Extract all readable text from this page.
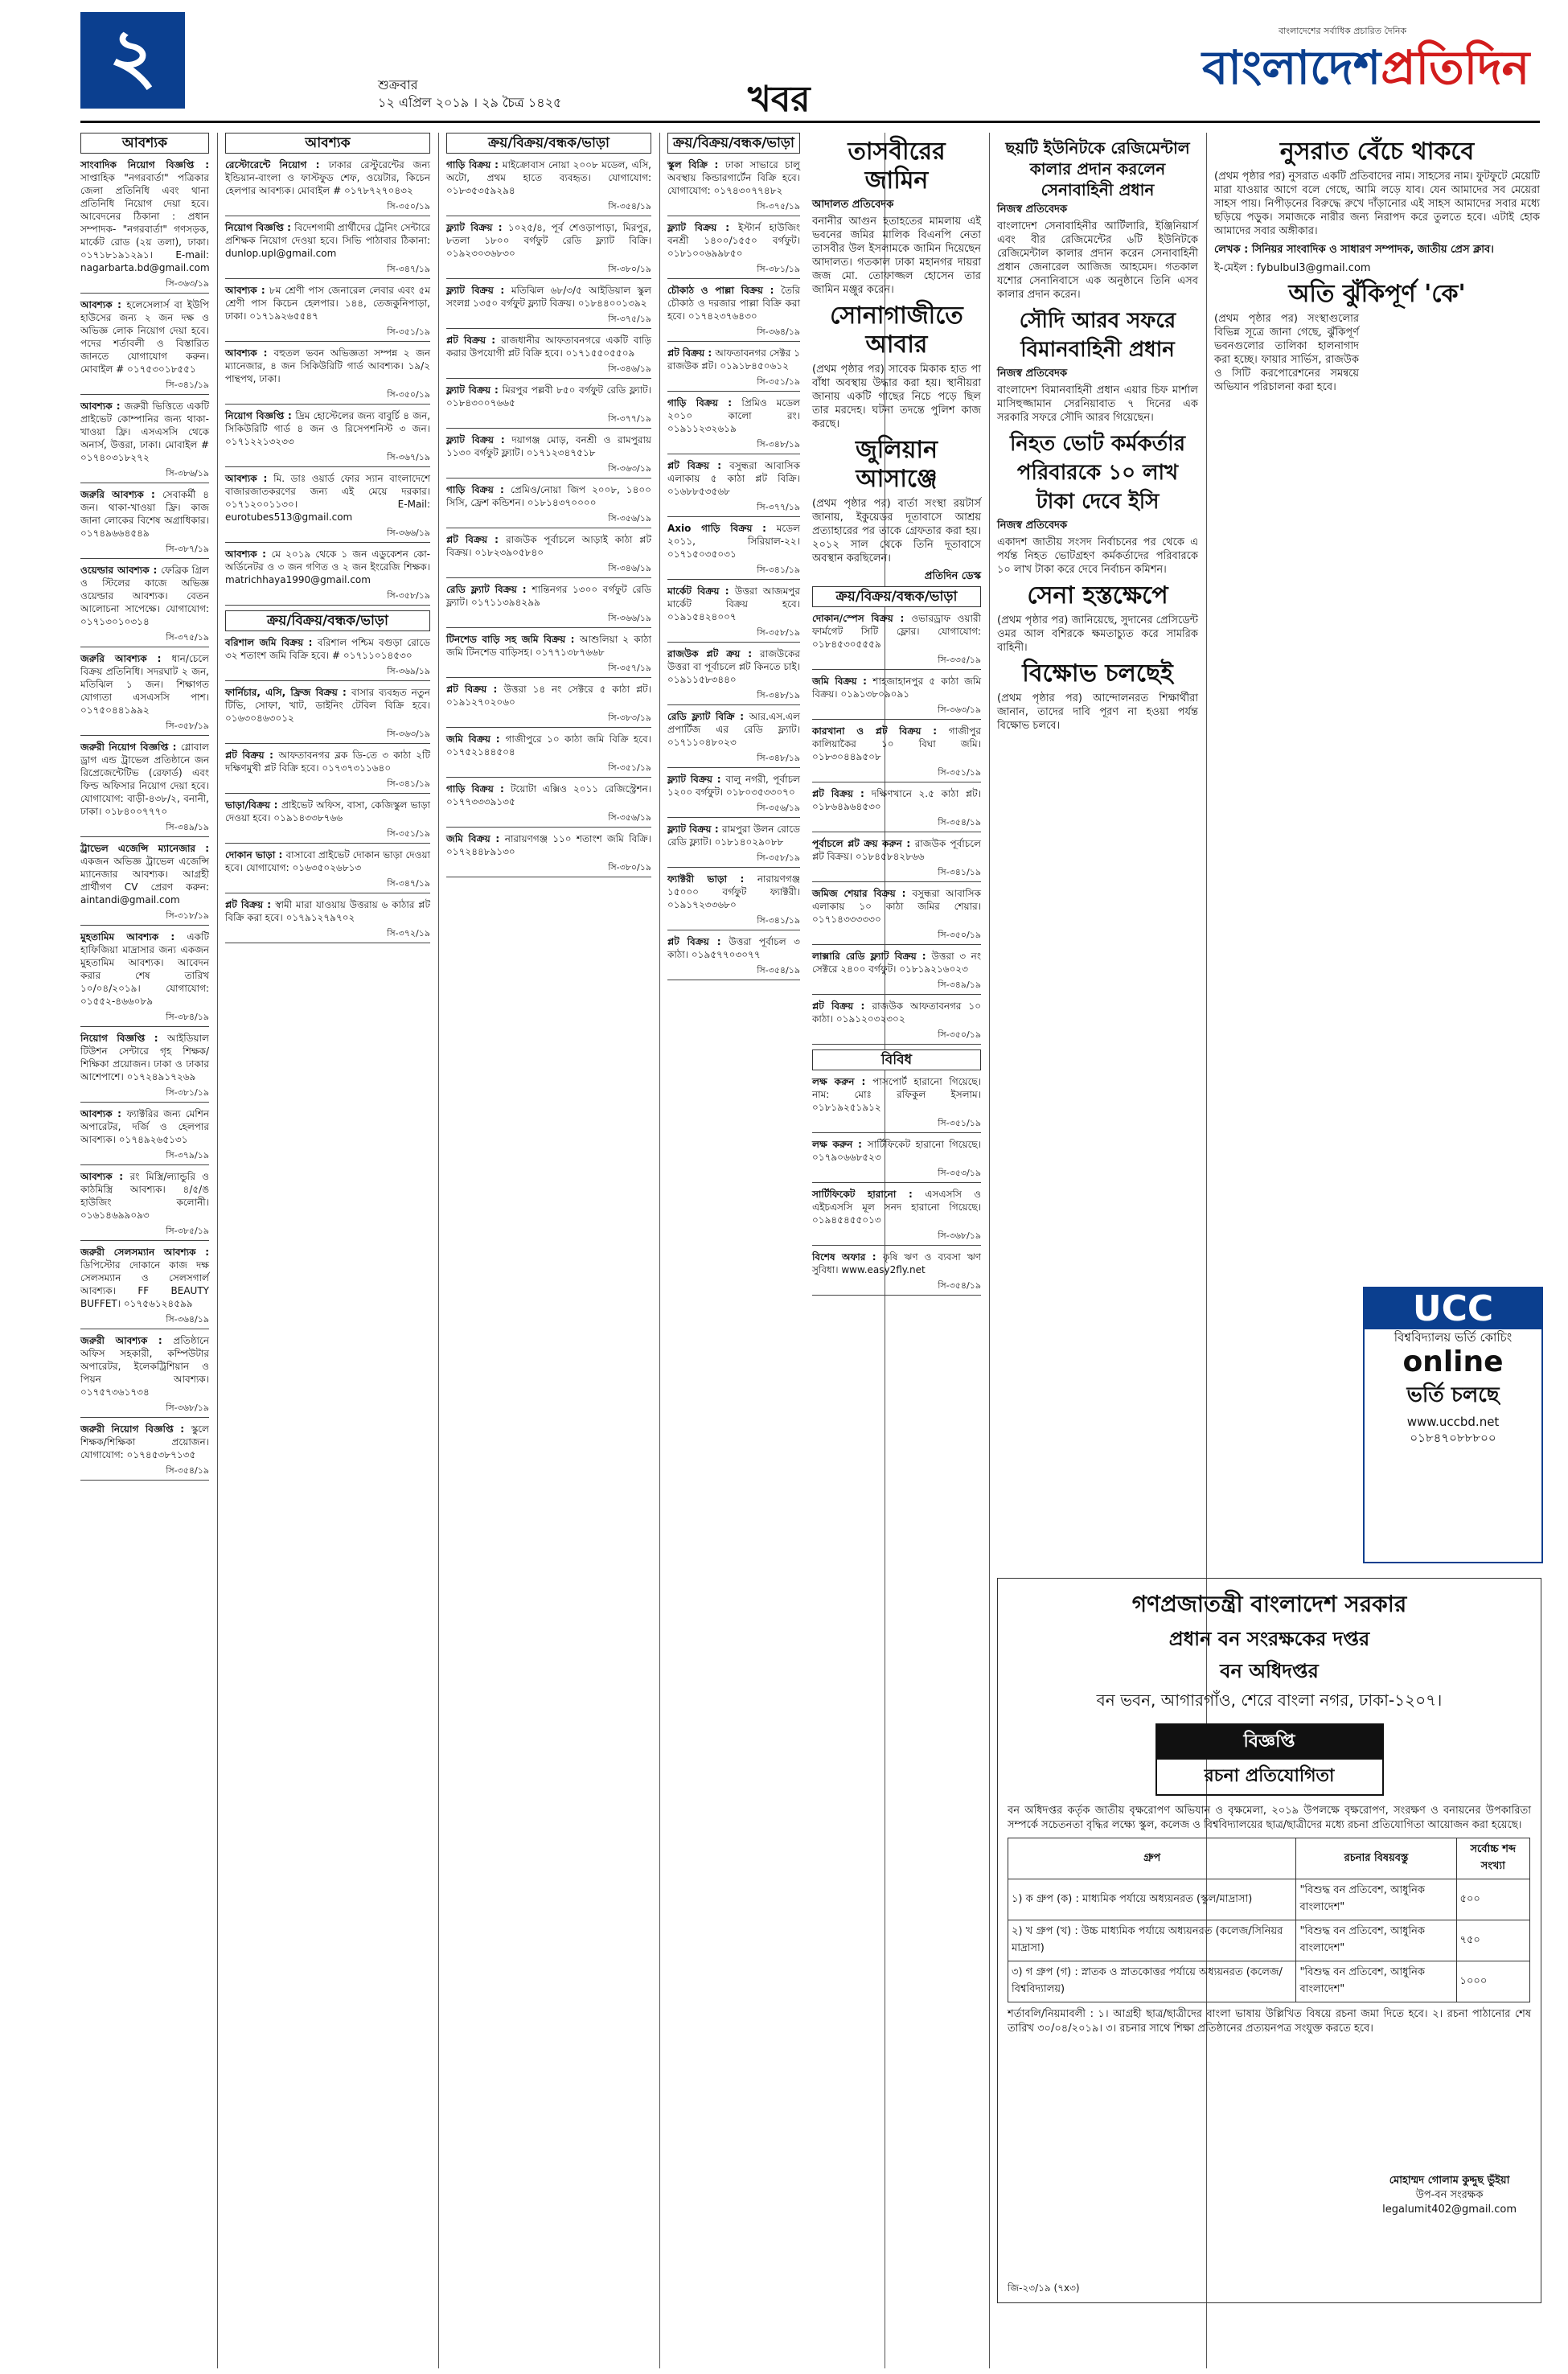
২	শুক্রবার
১২ এপ্রিল ২০১৯ । ২৯ চৈত্র ১৪২৫	খবর
বাংলাদেশের সর্বাধিক প্রচারিত দৈনিক
বাংলাদেশপ্রতিদিন
আবশ্যক
সাংবাদিক নিয়োগ বিজ্ঞপ্তি : সাপ্তাহিক "নগরবার্তা" পত্রিকার জেলা প্রতিনিধি এবং থানা প্রতিনিধি নিয়োগ দেয়া হবে। আবেদনের ঠিকানা : প্রধান সম্পাদক- "নগরবার্তা" গণসড়ক, মার্কেট রোড (২য় তলা), ঢাকা। ০১৭১৮১৯১২৯১। E-mail: nagarbarta.bd@gmail.com
সি-৩৬৩/১৯
আবশ্যক : হলেসেলার্স বা ইউপি হাউসের জন্য ২ জন দক্ষ ও অভিজ্ঞ লোক নিয়োগ দেয়া হবে। পদের শর্তাবলী ও বিস্তারিত জানতে যোগাযোগ করুন। মোবাইল # ০১৭৫৩০১৮৫৫১
সি-৩৪১/১৯
আবশ্যক : জরুরী ভিত্তিতে একটি প্রাইভেট কোম্পানির জন্য থাকা-খাওয়া ফ্রি। এসএসসি থেকে অনার্স, উত্তরা, ঢাকা। মোবাইল # ০১৭৪০৩১৮২৭২
সি-৩৮৬/১৯
জরুরি আবশ্যক : সেবাকর্মী ৪ জন। থাকা-খাওয়া ফ্রি। কাজ জানা লোকের বিশেষ অগ্রাধিকার। ০১৭৪৯৬৬৪৫৪৯
সি-৩৮৭/১৯
ওয়েল্ডার আবশ্যক : ফেব্রিক গ্রিল ও স্টিলের কাজে অভিজ্ঞ ওয়েল্ডার আবশ্যক। বেতন আলোচনা সাপেক্ষে। যোগাযোগ: ০১৭১৩০১০৩১৪
সি-৩৭৫/১৯
জরুরি আবশ্যক : ধান/চেলে বিক্রয় প্রতিনিধি। সদরঘাট ২ জন, মতিঝিল ১ জন। শিক্ষাগত যোগ্যতা এসএসসি পাশ। ০১৭৫০৪৪১৯৯২
সি-৩৫৮/১৯
জরুরী নিয়োগ বিজ্ঞপ্তি : গ্লোবাল ড্রাগ এন্ড ট্রাভেল প্রতিষ্ঠানে জন রিপ্রেজেন্টেটিভ (রেফার্ড) এবং ফিল্ড অফিসার নিয়োগ দেয়া হবে। যোগাযোগ: বাড়ী-৪৩৮/২, বনানী, ঢাকা। ০১৮৪০০৭৭৭০
সি-৩৪৯/১৯
ট্রাভেল এজেন্সি ম্যানেজার : একজন অভিজ্ঞ ট্রাভেল এজেন্সি ম্যানেজার আবশ্যক। আগ্রহী প্রার্থীগণ CV প্রেরণ করুন: aintandi@gmail.com
সি-৩১৮/১৯
মুহতামিম আবশ্যক : একটি হাফিজিয়া মাদ্রাসার জন্য একজন মুহতামিম আবশ্যক। আবেদন করার শেষ তারিখ ১০/০৪/২০১৯। যোগাযোগ: ০১৫৫২-৪৬৬০৮৯
সি-৩৮৪/১৯
নিয়োগ বিজ্ঞপ্তি : আইডিয়াল টিউশন সেন্টারে গৃহ শিক্ষক/শিক্ষিকা প্রয়োজন। ঢাকা ও ঢাকার আশেপাশে। ০১৭২৪৯১৭২৬৯
সি-৩৮১/১৯
আবশ্যক : ফ্যাক্টরির জন্য মেশিন অপারেটর, দর্জি ও হেলপার আবশ্যক। ০১৭৪৯২৬৫১৩১
সি-৩৭৯/১৯
আবশ্যক : রং মিস্ত্রি/ল্যান্ডুরি ও কাঠমিস্ত্রি আবশ্যক। ৪/৫/ঙ হাউজিং কলোনী। ০১৬১৪৬৯৯০৯৩
সি-৩৮৫/১৯
জরুরী সেলসম্যান আবশ্যক : ডিপিস্টোর দোকানে কাজ দক্ষ সেলসম্যান ও সেলসগার্ল আবশ্যক। FF BEAUTY BUFFET। ০১৭৫৬১২৪৫৯৯
সি-৩৬৪/১৯
জরুরী আবশ্যক : প্রতিষ্ঠানে অফিস সহকারী, কম্পিউটার অপারেটর, ইলেকট্রিশিয়ান ও পিয়ন আবশ্যক। ০১৭৫৭৩৬১৭৩৪
সি-৩৬৮/১৯
জরুরী নিয়োগ বিজ্ঞপ্তি : স্কুলে শিক্ষক/শিক্ষিকা প্রয়োজন। যোগাযোগ: ০১৭৪৫৩৮৭১৩৫
সি-৩৫৪/১৯
আবশ্যক
রেস্টোরেন্টে নিয়োগ : ঢাকার রেস্টুরেন্টের জন্য ইন্ডিয়ান-বাংলা ও ফাস্টফুড শেফ, ওয়েটার, কিচেন হেলপার আবশ্যক। মোবাইল # ০১৭৮৭২৭০৪৩২
সি-৩৫০/১৯
নিয়োগ বিজ্ঞপ্তি : বিদেশগামী প্রার্থীদের ট্রেনিং সেন্টারে প্রশিক্ষক নিয়োগ দেওয়া হবে। সিভি পাঠাবার ঠিকানা: dunlop.upl@gmail.com
সি-৩৪৭/১৯
আবশ্যক : ৮ম শ্রেণী পাস জেনারেল লেবার এবং ৫ম শ্রেণী পাস কিচেন হেলপার। ১৪৪, তেজকুনিপাড়া, ঢাকা। ০১৭১৯২৬৫৫৪৭
সি-৩৫১/১৯
আবশ্যক : বহুতল ভবন অভিজ্ঞতা সম্পন্ন ২ জন ম্যানেজার, ৪ জন সিকিউরিটি গার্ড আবশ্যক। ১৯/২ পান্থপথ, ঢাকা।
সি-৩৫০/১৯
নিয়োগ বিজ্ঞপ্তি : দ্রিম হোস্টেলের জন্য বাবুর্চি ৪ জন, সিকিউরিটি গার্ড ৪ জন ও রিসেপশনিস্ট ৩ জন। ০১৭১২২১৩২৩৩
সি-৩৬৭/১৯
আবশ্যক : মি. ডাঃ ওয়ার্ড ফোর স্যান বাংলাদেশে বাজারজাতকরণের জন্য এই মেয়ে দরকার। ০১৭১২০০১১৩০। E-Mail: eurotubes513@gmail.com
সি-৩৬৬/১৯
আবশ্যক : মে ২০১৯ থেকে ১ জন এডুকেশন কো-অর্ডিনেটর ও ৩ জন গণিত ও ২ জন ইংরেজি শিক্ষক। matrichhaya1990@gmail.com
সি-৩৫৮/১৯
ক্রয়/বিক্রয়/বন্ধক/ভাড়া
বরিশাল জমি বিক্রয় : বরিশাল পশ্চিম বগুড়া রোডে ৩২ শতাংশ জমি বিক্রি হবে। # ০১৭১১০১৪৫৩০
সি-৩৬৯/১৯
ফার্নিচার, এসি, ফ্রিজ বিক্রয় : বাসার ব্যবহৃত নতুন টিভি, সোফা, খাট, ডাইনিং টেবিল বিক্রি হবে। ০১৬৩০৪৬৩০১২
সি-৩৬৩/১৯
প্লট বিক্রয় : আফতাবনগর ব্লক ডি-তে ৩ কাঠা ২টি দক্ষিণমুখী প্লট বিক্রি হবে। ০১৭৩৭৩১১৬৪০
সি-৩৪১/১৯
ভাড়া/বিক্রয় : প্রাইভেট অফিস, বাসা, কেজিস্কুল ভাড়া দেওয়া হবে। ০১৯১৪৩৩৮৭৬৬
সি-৩৫১/১৯
দোকান ভাড়া : বাসাবো প্রাইভেট দোকান ভাড়া দেওয়া হবে। যোগাযোগ: ০১৬৩৫০২৬৮১৩
সি-৩৪৭/১৯
প্লট বিক্রয় : স্বামী মারা যাওয়ায় উত্তরায় ৬ কাঠার প্লট বিক্রি করা হবে। ০১৭৯১২৭৯৭০২
সি-৩৭২/১৯
ক্রয়/বিক্রয়/বন্ধক/ভাড়া
গাড়ি বিক্রয় : মাইক্রোবাস নোয়া ২০০৮ মডেল, এসি, অটো, প্রথম হাতে ব্যবহৃত। যোগাযোগ: ০১৮৩৫৩৫৯২৯৪
সি-৩৫৪/১৯
ফ্ল্যাট বিক্রয় : ১০২৫/৪, পূর্ব শেওড়াপাড়া, মিরপুর, ৮তলা ১৮০০ বর্গফুট রেডি ফ্ল্যাট বিক্রি। ০১৯২৩০৩৬৮৩০
সি-৩৮০/১৯
ফ্ল্যাট বিক্রয় : মতিঝিল ৬৮/৩/৫ আইডিয়াল স্কুল সংলগ্ন ১৩৫০ বর্গফুট ফ্ল্যাট বিক্রয়। ০১৮৪৪০০১৩৯২
সি-৩৭৫/১৯
প্লট বিক্রয় : রাজধানীর আফতাবনগরে একটি বাড়ি করার উপযোগী প্লট বিক্রি হবে। ০১৭১৫৫০৫৫০৯
সি-৩৪৬/১৯
ফ্ল্যাট বিক্রয় : মিরপুর পল্লবী ৮৫০ বর্গফুট রেডি ফ্ল্যাট। ০১৮৪৩০০৭৬৬৫
সি-৩৭৭/১৯
ফ্ল্যাট বিক্রয় : দয়াগঞ্জ মোড়, বনশ্রী ও রামপুরায় ১১৩০ বর্গফুট ফ্ল্যাট। ০১৭১২৩৪৭৫১৮
সি-৩৬৩/১৯
গাড়ি বিক্রয় : প্রেমিও/নোয়া জিপ ২০০৮, ১৪০০ সিসি, ফ্রেশ কন্ডিশন। ০১৮১৪৩৭০০০০
সি-৩৫৬/১৯
প্লট বিক্রয় : রাজউক পূর্বাচলে আড়াই কাঠা প্লট বিক্রয়। ০১৮২৩৯০৫৮৪০
সি-৩৪৬/১৯
রেডি ফ্ল্যাট বিক্রয় : শান্তিনগর ১৩০০ বর্গফুট রেডি ফ্ল্যাট। ০১৭১১৩৯৪২৯৯
সি-৩৬৬/১৯
টিনশেড বাড়ি সহ জমি বিক্রয় : আশুলিয়া ২ কাঠা জমি টিনশেড বাড়িসহ। ০১৭৭১৩৮৭৬৬৮
সি-৩৫৭/১৯
প্লট বিক্রয় : উত্তরা ১৪ নং সেক্টরে ৫ কাঠা প্লট। ০১৯১২৭০২০৬০
সি-৩৮৩/১৯
জমি বিক্রয় : গাজীপুরে ১০ কাঠা জমি বিক্রি হবে। ০১৭৫২১৪৪৫০৪
সি-৩৫১/১৯
গাড়ি বিক্রয় : টয়োটা এক্সিও ২০১১ রেজিস্ট্রেশন। ০১৭৭৩৩৩৯১৩৫
সি-৩৫৬/১৯
জমি বিক্রয় : নারায়ণগঞ্জ ১১০ শতাংশ জমি বিক্রি। ০১৭২৪৪৮৯১৩০
সি-৩৮০/১৯
ক্রয়/বিক্রয়/বন্ধক/ভাড়া
স্কুল বিক্রি : ঢাকা সাভারে চালু অবস্থায় কিন্ডারগার্টেন বিক্রি হবে। যোগাযোগ: ০১৭৪৩০৭৭৪৮২
সি-৩৭৫/১৯
ফ্ল্যাট বিক্রয় : ইস্টার্ন হাউজিং বনশ্রী ১৪০০/১৫৫০ বর্গফুট। ০১৮১০০৬৯৯৮৫০
সি-৩৮১/১৯
চৌকাঠ ও পাল্লা বিক্রয় : তৈরি চৌকাঠ ও দরজার পাল্লা বিক্রি করা হবে। ০১৭৪২৩৭৬৪৩০
সি-৩৬৪/১৯
প্লট বিক্রয় : আফতাবনগর সেক্টর ১ রাজউক প্লট। ০১৯১৮৪৫০৬১২
সি-৩৫১/১৯
গাড়ি বিক্রয় : প্রিমিও মডেল ২০১০ কালো রং। ০১৯১১২৩২৬১৯
সি-৩৪৮/১৯
প্লট বিক্রয় : বসুন্ধরা আবাসিক এলাকায় ৫ কাঠা প্লট বিক্রি। ০১৬৮৮৫৩৫৬৮
সি-৩৭৭/১৯
Axio গাড়ি বিক্রয় : মডেল ২০১১, সিরিয়াল-২২। ০১৭১৫০৩৫০৩১
সি-৩৪১/১৯
মার্কেট বিক্রয় : উত্তরা আজমপুর মার্কেট বিক্রয় হবে। ০১৯১৫৪২৪০০৭
সি-৩৫৮/১৯
রাজউক প্লট ক্রয় : রাজউকের উত্তরা বা পূর্বাচলে প্লট কিনতে চাই। ০১৯১১৫৮৩৪৪০
সি-৩৪৮/১৯
রেডি ফ্ল্যাট বিক্রি : আর.এস.এল প্রপার্টিজ এর রেডি ফ্ল্যাট। ০১৭১১০৪৮০২৩
সি-৩৪৮/১৯
ফ্ল্যাট বিক্রয় : বালু নগরী, পূর্বাচল ১২০০ বর্গফুট। ০১৮০৩৫৩৩০৭০
সি-৩৫৬/১৯
ফ্ল্যাট বিক্রয় : রামপুরা উলন রোডে রেডি ফ্ল্যাট। ০১৮১৪০২৯০৮৮
সি-৩৫৮/১৯
ফ্যাক্টরী ভাড়া : নারায়ণগঞ্জ ১৫০০০ বর্গফুট ফ্যাক্টরী। ০১৯১৭২৩৩৬৮০
সি-৩৪১/১৯
প্লট বিক্রয় : উত্তরা পূর্বাচল ৩ কাঠা। ০১৯৫৭৭০৩০৭৭
সি-৩৫৪/১৯
তাসবীরের জামিন
আদালত প্রতিবেদক

বনানীর আগুন হতাহতের মামলায় এই ভবনের জমির মালিক বিএনপি নেতা তাসবীর উল ইসলামকে জামিন দিয়েছেন আদালত। গতকাল ঢাকা মহানগর দায়রা জজ মো. তোফাজ্জল হোসেন তার জামিন মঞ্জুর করেন।

সোনাগাজীতে আবার

(প্রথম পৃষ্ঠার পর) সাবেক মিকাক হাত পা বাঁধা অবস্থায় উদ্ধার করা হয়। স্থানীয়রা জানায় একটি গাছের নিচে পড়ে ছিল তার মরদেহ। ঘটনা তদন্তে পুলিশ কাজ করছে।

জুলিয়ান আসাঞ্জে

(প্রথম পৃষ্ঠার পর) বার্তা সংস্থা রয়টার্স জানায়, ইকুয়েডর দূতাবাসে আশ্রয় প্রত্যাহারের পর তাকে গ্রেফতার করা হয়। ২০১২ সাল থেকে তিনি দূতাবাসে অবস্থান করছিলেন।

প্রতিদিন ডেস্ক
ক্রয়/বিক্রয়/বন্ধক/ভাড়া
দোকান/স্পেস বিক্রয় : ওভারড্রাফ ওয়ারী ফার্মগেট সিটি ফ্লোর। যোগাযোগ: ০১৮৪৫৩০৫৫৫৯
সি-৩৩৫/১৯
জমি বিক্রয় : শাহজাহানপুর ৫ কাঠা জমি বিক্রয়। ০১৯১৩৮০৯০৯১
সি-৩৬৩/১৯
কারখানা ও প্লট বিক্রয় : গাজীপুর কালিয়াকৈর ১০ বিঘা জমি। ০১৮৩০৪৪৯৫০৮
সি-৩৫১/১৯
প্লট বিক্রয় : দক্ষিণখানে ২.৫ কাঠা প্লট। ০১৮৬৪৯৬৪৫৩০
সি-৩৫৪/১৯
পূর্বাচলে প্লট ক্রয় করুন : রাজউক পূর্বাচলে প্লট বিক্রয়। ০১৮৪৫৮৪২৮৬৬
সি-৩৪১/১৯
জমিজ শেয়ার বিক্রয় : বসুন্ধরা আবাসিক এলাকায় ১০ কাঠা জমির শেয়ার। ০১৭১৪৩৩৩৩৩০
সি-৩৫০/১৯
লাক্সারি রেডি ফ্ল্যাট বিক্রয় : উত্তরা ৩ নং সেক্টরে ২৪০০ বর্গফুট। ০১৮১৯২১৬০২৩
সি-৩৪৯/১৯
প্লট বিক্রয় : রাজউক আফতাবনগর ১০ কাঠা। ০১৯১২০৩২৩০২
সি-৩৫০/১৯
বিবিধ
লক্ষ করুন : পাসপোর্ট হারানো গিয়েছে। নাম: মোঃ রফিকুল ইসলাম। ০১৮১৯২৫১৯১২
সি-৩৫১/১৯
লক্ষ করুন : সার্টিফিকেট হারানো গিয়েছে। ০১৭৯০৬৬৮৫২৩
সি-৩৫৩/১৯
সার্টিফিকেট হারানো : এসএসসি ও এইচএসসি মূল সনদ হারানো গিয়েছে। ০১৯৪৫৪৫৫০১৩
সি-৩৬৮/১৯
বিশেষ অফার : কৃষি ঋণ ও ব্যবসা ঋণ সুবিধা। www.easy2fly.net
সি-৩৫৪/১৯
ছয়টি ইউনিটকে রেজিমেন্টাল কালার প্রদান করলেন সেনাবাহিনী প্রধান
নিজস্ব প্রতিবেদক

বাংলাদেশ সেনাবাহিনীর আর্টিলারি, ইঞ্জিনিয়ার্স এবং বীর রেজিমেন্টের ৬টি ইউনিটকে রেজিমেন্টাল কালার প্রদান করেন সেনাবাহিনী প্রধান জেনারেল আজিজ আহমেদ। গতকাল যশোর সেনানিবাসে এক অনুষ্ঠানে তিনি এসব কালার প্রদান করেন।

সৌদি আরব সফরে বিমানবাহিনী প্রধান
নিজস্ব প্রতিবেদক

বাংলাদেশ বিমানবাহিনী প্রধান এয়ার চিফ মার্শাল মাসিহুজ্জামান সেরনিয়াবাত ৭ দিনের এক সরকারি সফরে সৌদি আরব গিয়েছেন।

নিহত ভোট কর্মকর্তার পরিবারকে ১০ লাখ টাকা দেবে ইসি
নিজস্ব প্রতিবেদক

একাদশ জাতীয় সংসদ নির্বাচনের পর থেকে এ পর্যন্ত নিহত ভোটগ্রহণ কর্মকর্তাদের পরিবারকে ১০ লাখ টাকা করে দেবে নির্বাচন কমিশন।

সেনা হস্তক্ষেপে

(প্রথম পৃষ্ঠার পর) জানিয়েছে, সুদানের প্রেসিডেন্ট ওমর আল বশিরকে ক্ষমতাচ্যুত করে সামরিক বাহিনী।

বিক্ষোভ চলছেই

(প্রথম পৃষ্ঠার পর) আন্দোলনরত শিক্ষার্থীরা জানান, তাদের দাবি পূরণ না হওয়া পর্যন্ত বিক্ষোভ চলবে।

নুসরাত বেঁচে থাকবে

(প্রথম পৃষ্ঠার পর) নুসরাত একটি প্রতিবাদের নাম। সাহসের নাম। ফুটফুটে মেয়েটি মারা যাওয়ার আগে বলে গেছে, আমি লড়ে যাব। যেন আমাদের সব মেয়েরা সাহস পায়। নিপীড়নের বিরুদ্ধে রুখে দাঁড়ানোর এই সাহস আমাদের সবার মধ্যে ছড়িয়ে পড়ুক। সমাজকে নারীর জন্য নিরাপদ করে তুলতে হবে। এটাই হোক আমাদের সবার অঙ্গীকার।

লেখক : সিনিয়র সাংবাদিক ও সাধারণ সম্পাদক, জাতীয় প্রেস ক্লাব।

ই-মেইল : fybulbul3@gmail.com

অতি ঝুঁকিপূর্ণ 'কে'

(প্রথম পৃষ্ঠার পর) সংস্থাগুলোর বিভিন্ন সূত্রে জানা গেছে, ঝুঁকিপূর্ণ ভবনগুলোর তালিকা হালনাগাদ করা হচ্ছে। ফায়ার সার্ভিস, রাজউক ও সিটি করপোরেশনের সমন্বয়ে অভিযান পরিচালনা করা হবে।

UCC
বিশ্ববিদ্যালয় ভর্তি কোচিং
online
ভর্তি চলছে
www.uccbd.net
০১৮৪৭০৮৮৮০০
গণপ্রজাতন্ত্রী বাংলাদেশ সরকার
প্রধান বন সংরক্ষকের দপ্তর
বন অধিদপ্তর
বন ভবন, আগারগাঁও, শেরে বাংলা নগর, ঢাকা-১২০৭।
বিজ্ঞপ্তি
রচনা প্রতিযোগিতা

বন অধিদপ্তর কর্তৃক জাতীয় বৃক্ষরোপণ অভিযান ও বৃক্ষমেলা, ২০১৯ উপলক্ষে বৃক্ষরোপণ, সংরক্ষণ ও বনায়নের উপকারিতা সম্পর্কে সচেতনতা বৃদ্ধির লক্ষ্যে স্কুল, কলেজ ও বিশ্ববিদ্যালয়ের ছাত্র/ছাত্রীদের মধ্যে রচনা প্রতিযোগিতা আয়োজন করা হয়েছে।

গ্রুপ	রচনার বিষয়বস্তু	সর্বোচ্চ শব্দ সংখ্যা
১) ক গ্রুপ (ক) : মাধ্যমিক পর্যায়ে অধ্যয়নরত (স্কুল/মাদ্রাসা)	"বিশুদ্ধ বন প্রতিবেশ, আধুনিক বাংলাদেশ"	৫০০
২) খ গ্রুপ (খ) : উচ্চ মাধ্যমিক পর্যায়ে অধ্যয়নরত (কলেজ/সিনিয়র মাদ্রাসা)	"বিশুদ্ধ বন প্রতিবেশ, আধুনিক বাংলাদেশ"	৭৫০
৩) গ গ্রুপ (গ) : স্নাতক ও স্নাতকোত্তর পর্যায়ে অধ্যয়নরত (কলেজ/বিশ্ববিদ্যালয়)	"বিশুদ্ধ বন প্রতিবেশ, আধুনিক বাংলাদেশ"	১০০০

শর্তাবলি/নিয়মাবলী : ১। আগ্রহী ছাত্র/ছাত্রীদের বাংলা ভাষায় উল্লিখিত বিষয়ে রচনা জমা দিতে হবে। ২। রচনা পাঠানোর শেষ তারিখ ৩০/০৪/২০১৯। ৩। রচনার সাথে শিক্ষা প্রতিষ্ঠানের প্রত্যয়নপত্র সংযুক্ত করতে হবে।

মোহাম্মদ গোলাম কুদ্দুছ ভুঁইয়া
উপ-বন সংরক্ষক
legalumit402@gmail.com
জি-২৩/১৯ (৭x৩)
